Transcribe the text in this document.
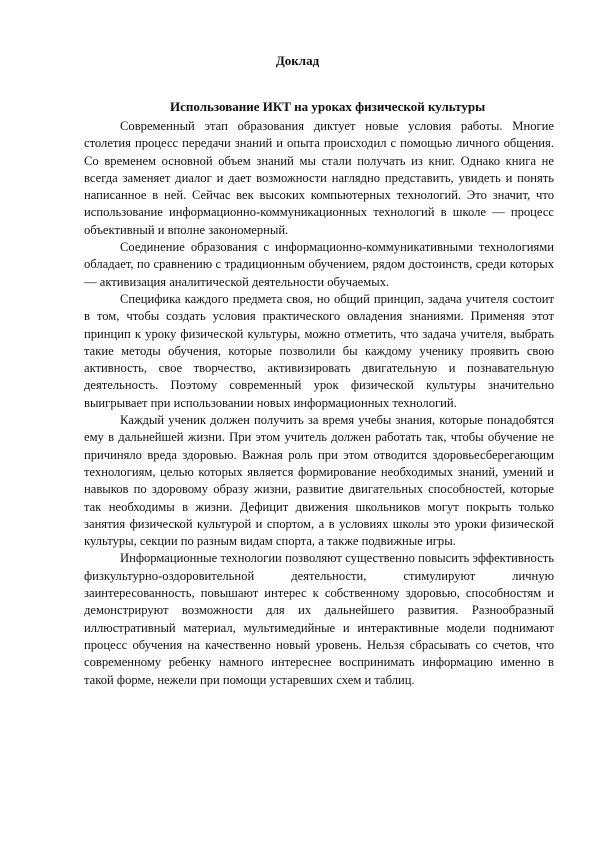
Доклад
Использование ИКТ на уроках физической культуры

Современный этап образования диктует новые условия работы. Многие столетия процесс передачи знаний и опыта происходил с помощью личного общения. Со временем основной объем знаний мы стали получать из книг. Однако книга не всегда заменяет диалог и дает возможности наглядно представить, увидеть и понять написанное в ней. Сейчас век высоких компьютерных технологий. Это значит, что использование информационно-коммуникационных технологий в школе — процесс объективный и вполне закономерный.

Соединение образования с информационно-коммуникативными технологиями обладает, по сравнению с традиционным обучением, рядом достоинств, среди которых — активизация аналитической деятельности обучаемых.

Специфика каждого предмета своя, но общий принцип, задача учителя состоит в том, чтобы создать условия практического овладения знаниями. Применяя этот принцип к уроку физической культуры, можно отметить, что задача учителя, выбрать такие методы обучения, которые позволили бы каждому ученику проявить свою активность, свое творчество, активизировать двигательную и познавательную деятельность. Поэтому современный урок физической культуры значительно выигрывает при использовании новых информационных технологий.

Каждый ученик должен получить за время учебы знания, которые понадобятся ему в дальнейшей жизни. При этом учитель должен работать так, чтобы обучение не причиняло вреда здоровью. Важная роль при этом отводится здоровьесберегающим технологиям, целью которых является формирование необходимых знаний, умений и навыков по здоровому образу жизни, развитие двигательных способностей, которые так необходимы в жизни. Дефицит движения школьников могут покрыть только занятия физической культурой и спортом, а в условиях школы это уроки физической культуры, секции по разным видам спорта, а также подвижные игры.

Информационные технологии позволяют существенно повысить эффективность физкультурно-оздоровительной деятельности, стимулируют личную заинтересованность, повышают интерес к собственному здоровью, способностям и демонстрируют возможности для их дальнейшего развития. Разнообразный иллюстративный материал, мультимедийные и интерактивные модели поднимают процесс обучения на качественно новый уровень. Нельзя сбрасывать со счетов, что современному ребенку намного интереснее воспринимать информацию именно в такой форме, нежели при помощи устаревших схем и таблиц.
